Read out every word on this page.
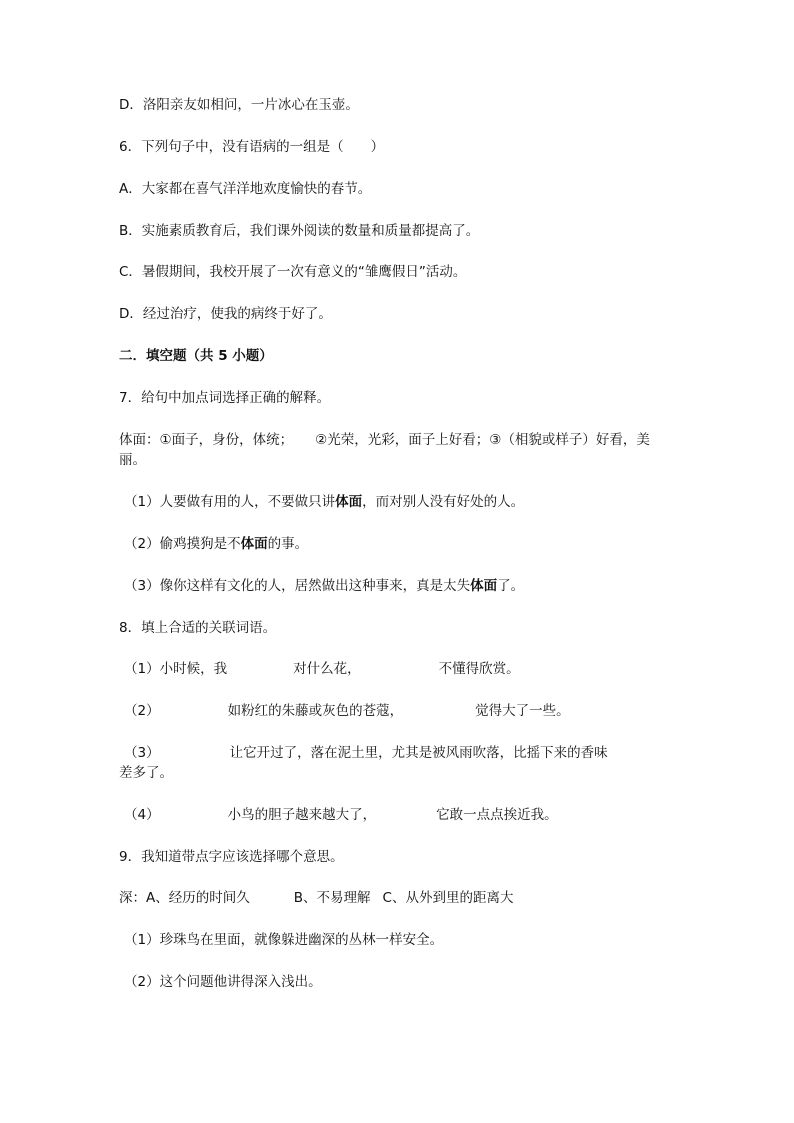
D．洛阳亲友如相问，一片冰心在玉壶。
6．下列句子中，没有语病的一组是（　　）
A．大家都在喜气洋洋地欢度愉快的春节。
B．实施素质教育后，我们课外阅读的数量和质量都提高了。
C．暑假期间，我校开展了一次有意义的“雏鹰假日”活动。
D．经过治疗，使我的病终于好了。
二．填空题（共 5 小题）
7．给句中加点词选择正确的解释。
体面：①面子，身份，体统； ②光荣，光彩，面子上好看；③（相貌或样子）好看，美
丽。
（1）人要做有用的人，不要做只讲体面，而对别人没有好处的人。
（2）偷鸡摸狗是不体面的事。
（3）像你这样有文化的人，居然做出这种事来，真是太失体面了。
8．填上合适的关联词语。
（1）小时候，我	对什么花，	不懂得欣赏。
（2）	如粉红的朱藤或灰色的苍蔻，	觉得大了一些。
（3）	让它开过了，落在泥土里，尤其是被风雨吹落，比摇下来的香味
差多了。
（4）	小鸟的胆子越来越大了，	它敢一点点挨近我。
9．我知道带点字应该选择哪个意思。
深：A、经历的时间久	B、不易理解 C、从外到里的距离大
（1）珍珠鸟在里面，就像躲进幽深的丛林一样安全。
（2）这个问题他讲得深入浅出。
